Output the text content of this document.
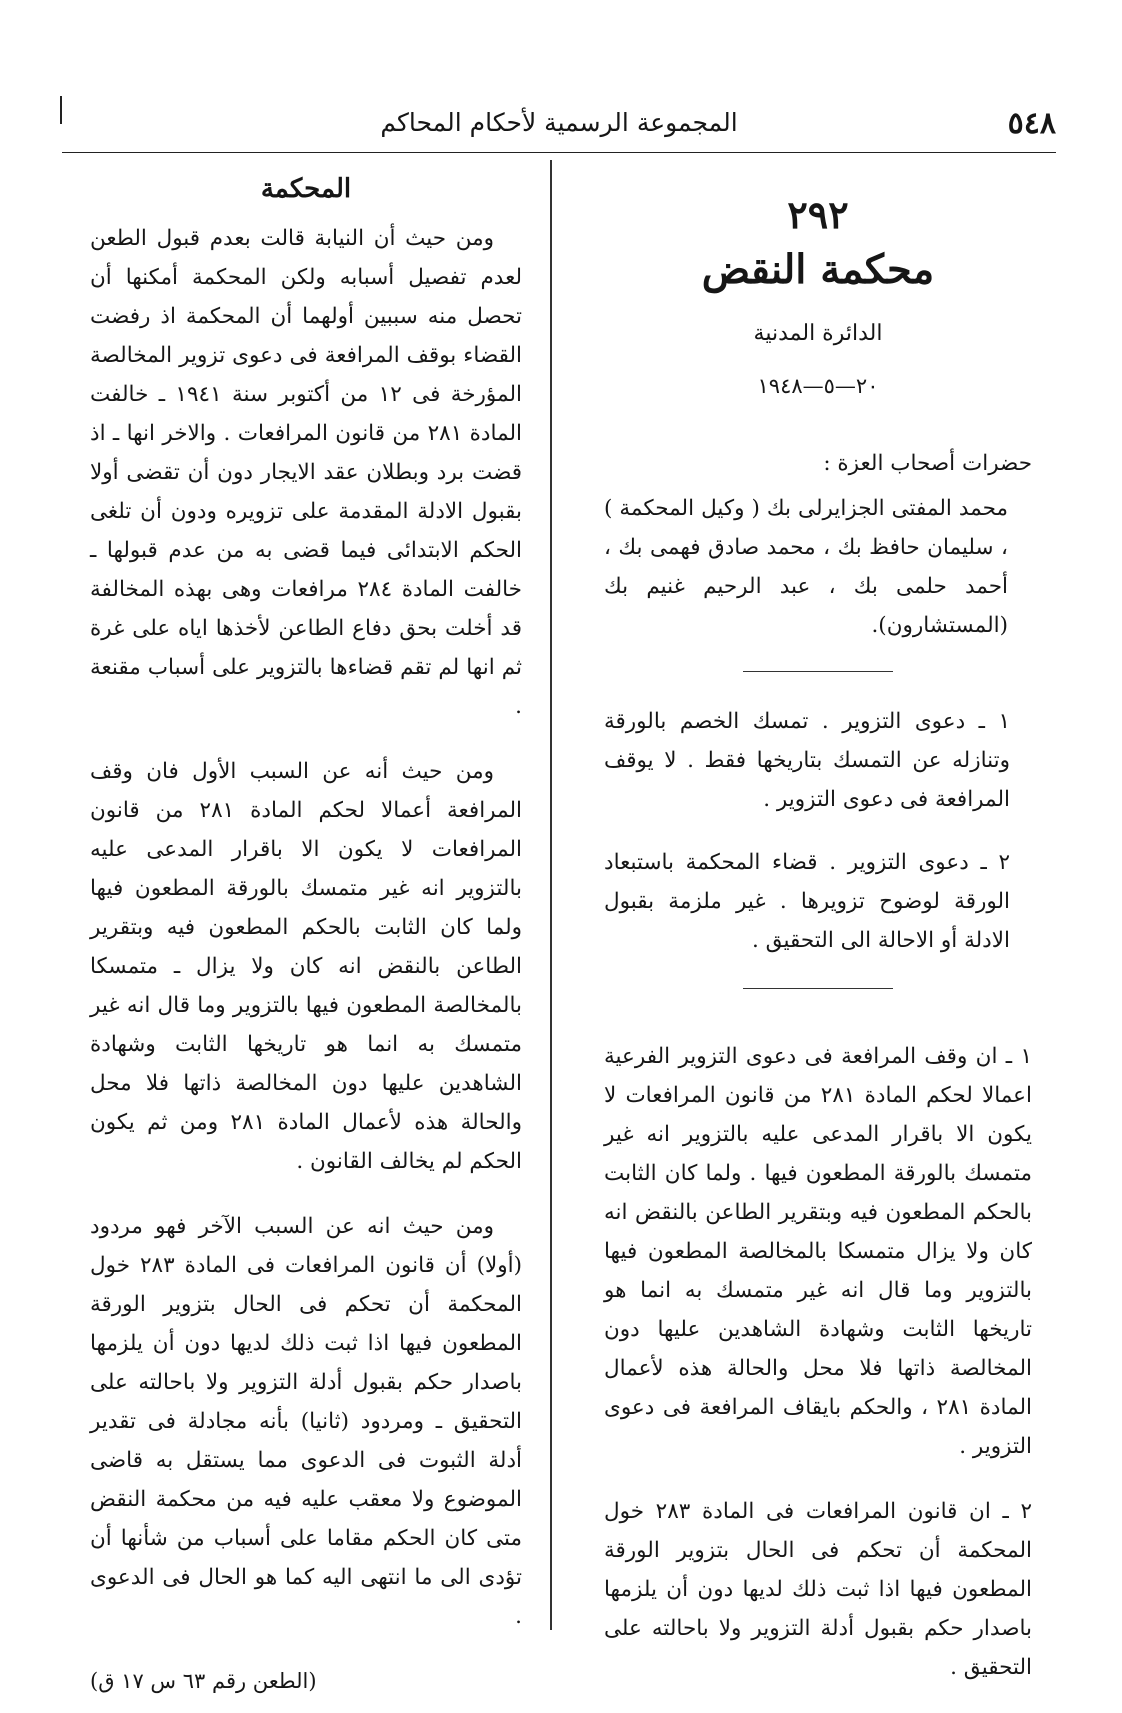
٥٤٨
المجموعة الرسمية لأحكام المحاكم
٢٩٢
محكمة النقض
الدائرة المدنية
٢٠—٥—١٩٤٨

حضرات أصحاب العزة :

محمد المفتى الجزايرلى بك ( وكيل المحكمة ) ، سليمان حافظ بك ، محمد صادق فهمى بك ، أحمد حلمى بك ، عبد الرحيم غنيم بك (المستشارون).

١ ـ دعوى التزوير . تمسك الخصم بالورقة وتنازله عن التمسك بتاريخها فقط . لا يوقف المرافعة فى دعوى التزوير .

٢ ـ دعوى التزوير . قضاء المحكمة باستبعاد الورقة لوضوح تزويرها . غير ملزمة بقبول الادلة أو الاحالة الى التحقيق .

١ ـ ان وقف المرافعة فى دعوى التزوير الفرعية اعمالا لحكم المادة ٢٨١ من قانون المرافعات لا يكون الا باقرار المدعى عليه بالتزوير انه غير متمسك بالورقة المطعون فيها . ولما كان الثابت بالحكم المطعون فيه وبتقرير الطاعن بالنقض انه كان ولا يزال متمسكا بالمخالصة المطعون فيها بالتزوير وما قال انه غير متمسك به انما هو تاريخها الثابت وشهادة الشاهدين عليها دون المخالصة ذاتها فلا محل والحالة هذه لأعمال المادة ٢٨١ ، والحكم بايقاف المرافعة فى دعوى التزوير .

٢ ـ ان قانون المرافعات فى المادة ٢٨٣ خول المحكمة أن تحكم فى الحال بتزوير الورقة المطعون فيها اذا ثبت ذلك لديها دون أن يلزمها باصدار حكم بقبول أدلة التزوير ولا باحالته على التحقيق .

المحكمة

ومن حيث أن النيابة قالت بعدم قبول الطعن لعدم تفصيل أسبابه ولكن المحكمة أمكنها أن تحصل منه سببين أولهما أن المحكمة اذ رفضت القضاء بوقف المرافعة فى دعوى تزوير المخالصة المؤرخة فى ١٢ من أكتوبر سنة ١٩٤١ ـ خالفت المادة ٢٨١ من قانون المرافعات . والاخر انها ـ اذ قضت برد وبطلان عقد الايجار دون أن تقضى أولا بقبول الادلة المقدمة على تزويره ودون أن تلغى الحكم الابتدائى فيما قضى به من عدم قبولها ـ خالفت المادة ٢٨٤ مرافعات وهى بهذه المخالفة قد أخلت بحق دفاع الطاعن لأخذها اياه على غرة ثم انها لم تقم قضاءها بالتزوير على أسباب مقنعة .

ومن حيث أنه عن السبب الأول فان وقف المرافعة أعمالا لحكم المادة ٢٨١ من قانون المرافعات لا يكون الا باقرار المدعى عليه بالتزوير انه غير متمسك بالورقة المطعون فيها ولما كان الثابت بالحكم المطعون فيه وبتقرير الطاعن بالنقض انه كان ولا يزال ـ متمسكا بالمخالصة المطعون فيها بالتزوير وما قال انه غير متمسك به انما هو تاريخها الثابت وشهادة الشاهدين عليها دون المخالصة ذاتها فلا محل والحالة هذه لأعمال المادة ٢٨١ ومن ثم يكون الحكم لم يخالف القانون .

ومن حيث انه عن السبب الآخر فهو مردود (أولا) أن قانون المرافعات فى المادة ٢٨٣ خول المحكمة أن تحكم فى الحال بتزوير الورقة المطعون فيها اذا ثبت ذلك لديها دون أن يلزمها باصدار حكم بقبول أدلة التزوير ولا باحالته على التحقيق ـ ومردود (ثانيا) بأنه مجادلة فى تقدير أدلة الثبوت فى الدعوى مما يستقل به قاضى الموضوع ولا معقب عليه فيه من محكمة النقض متى كان الحكم مقاما على أسباب من شأنها أن تؤدى الى ما انتهى اليه كما هو الحال فى الدعوى .

(الطعن رقم ٦٣ س ١٧ ق)
